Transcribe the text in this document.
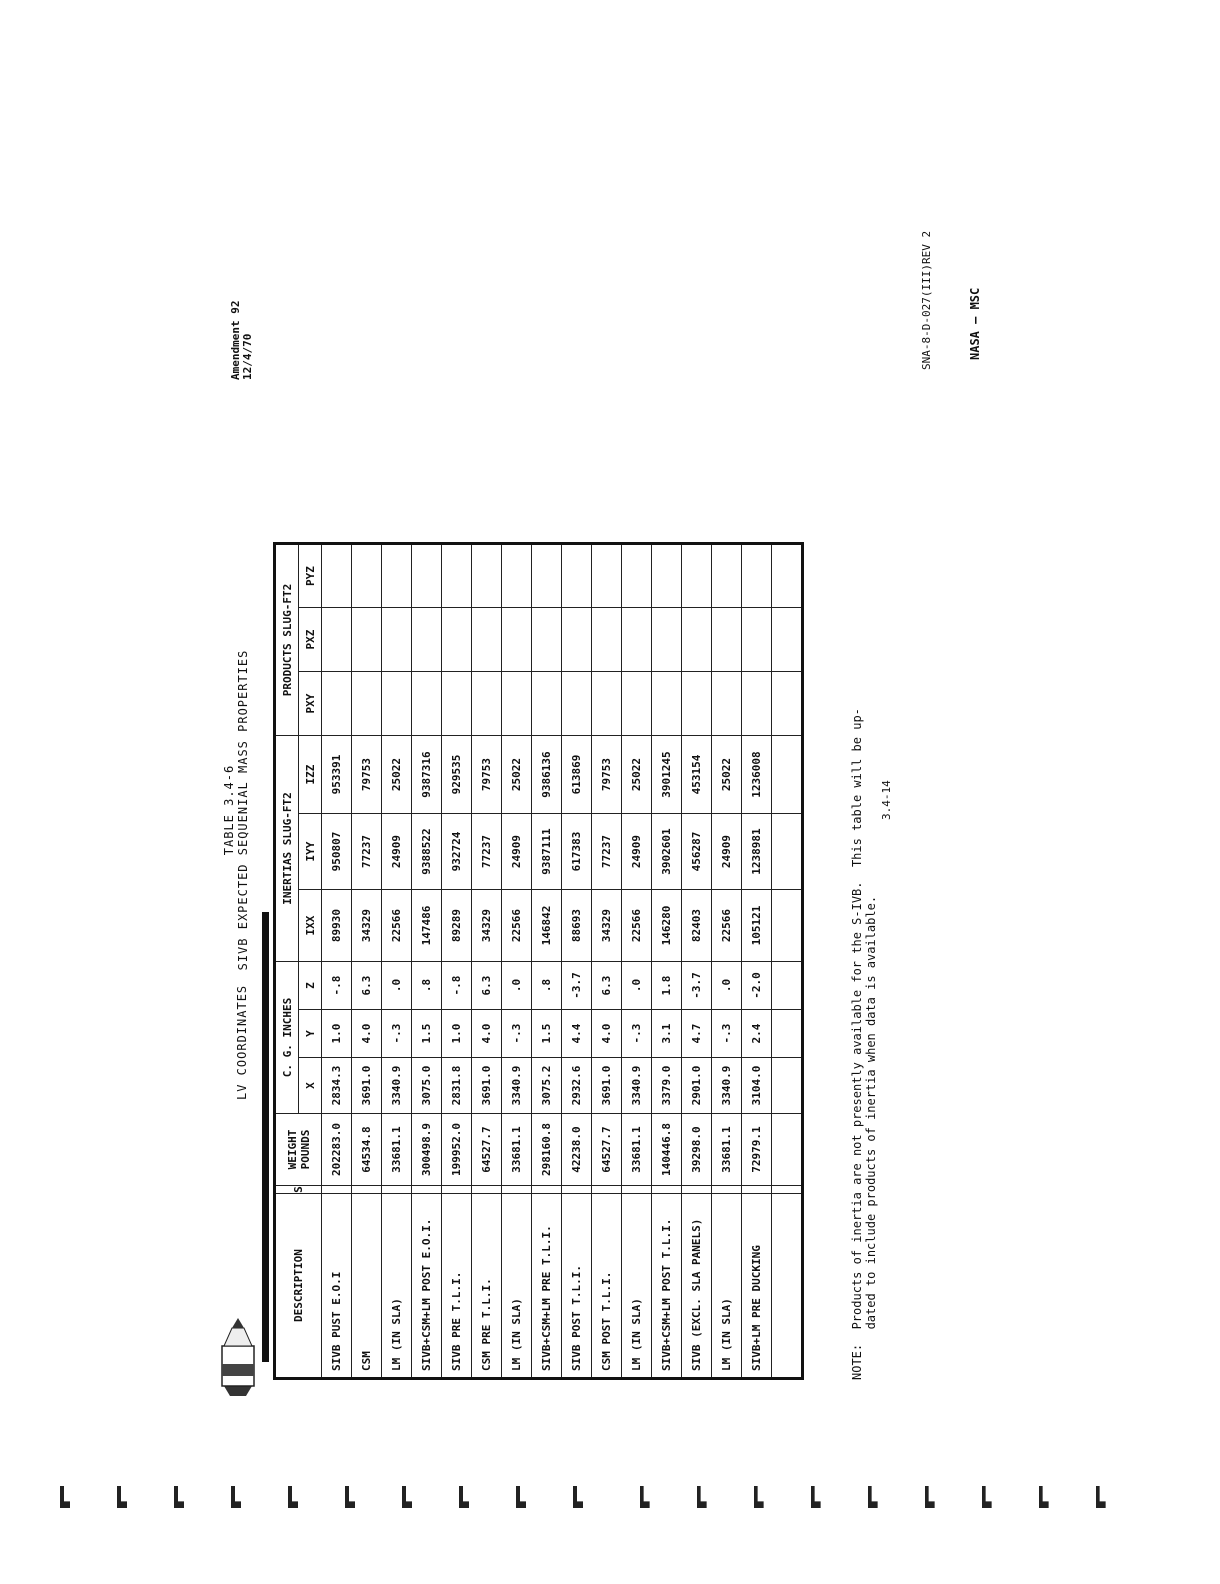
LV COORDINATES
TABLE 3.4-6 SIVB EXPECTED SEQUENIAL MASS PROPERTIES
Amendment 92 12/4/70
DESCRIPTION	S	WEIGHT POUNDS	C. G. INCHES			INERTIAS SLUG-FT2			PRODUCTS SLUG-FT2		
			X	Y	Z	IXX	IYY	IZZ	PXY	PXZ	PYZ
SIVB PUST E.O.I		202283.0	2834.3	1.0	-.8	89930	950807	953391			
CSM		64534.8	3691.0	4.0	6.3	34329	77237	79753			
LM (IN SLA)		33681.1	3340.9	-.3	.0	22566	24909	25022			
SIVB+CSM+LM POST E.O.I.		300498.9	3075.0	1.5	.8	147486	9388522	9387316			
SIVB PRE T.L.I.		199952.0	2831.8	1.0	-.8	89289	932724	929535			
CSM PRE T.L.I.		64527.7	3691.0	4.0	6.3	34329	77237	79753			
LM (IN SLA)		33681.1	3340.9	-.3	.0	22566	24909	25022			
SIVB+CSM+LM PRE T.L.I.		298160.8	3075.2	1.5	.8	146842	9387111	9386136			
SIVB POST T.L.I.		42238.0	2932.6	4.4	-3.7	88693	617383	613869			
CSM POST T.L.I.		64527.7	3691.0	4.0	6.3	34329	77237	79753			
LM (IN SLA)		33681.1	3340.9	-.3	.0	22566	24909	25022			
SIVB+CSM+LM POST T.L.I.		140446.8	3379.0	3.1	1.8	146280	3902601	3901245			
SIVB (EXCL. SLA PANELS)		39298.0	2901.0	4.7	-3.7	82403	456287	453154			
LM (IN SLA)		33681.1	3340.9	-.3	.0	22566	24909	25022			
SIVB+LM PRE DUCKING		72979.1	3104.0	2.4	-2.0	105121	1238981	1236008			

NOTE:  Products of inertia are not presently available for the S-IVB.  This table will be up-
dated to include products of inertia when data is available.
3.4-14
SNA-8-D-027(III)REV 2	NASA — MSC
